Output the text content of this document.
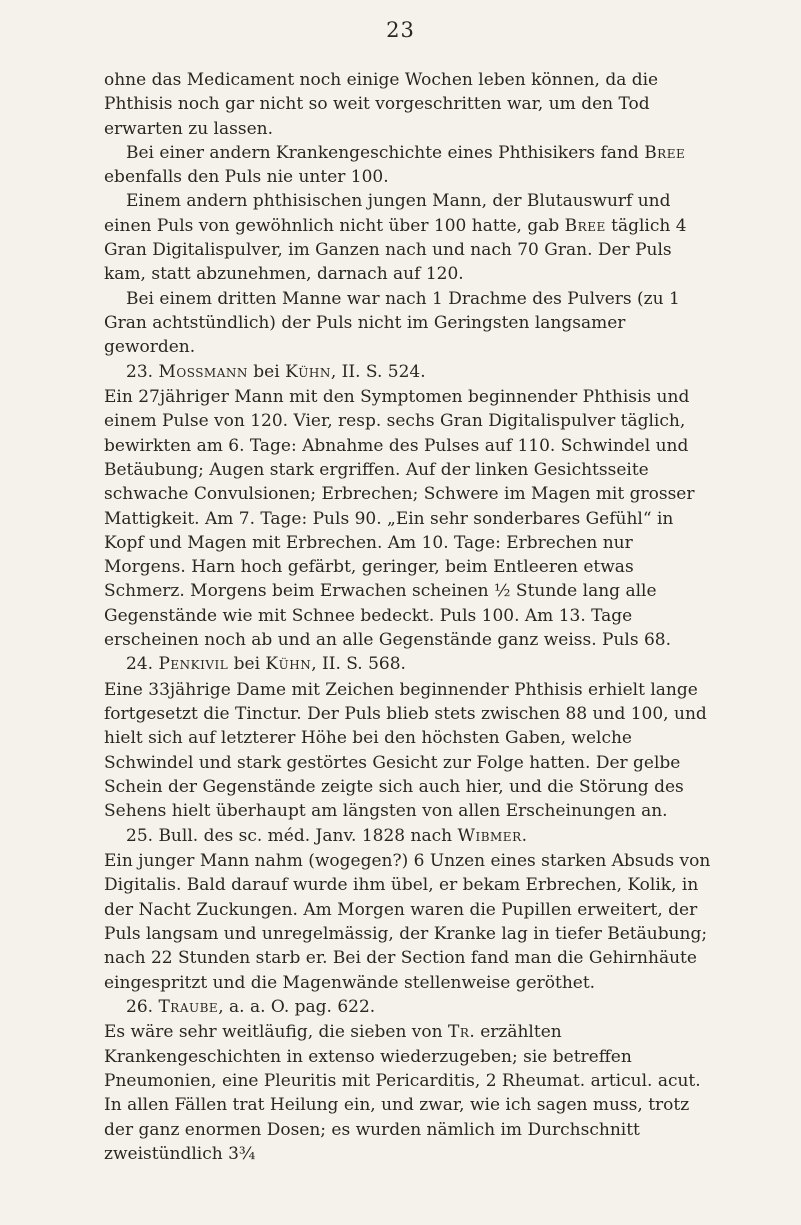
23

ohne das Medicament noch einige Wochen leben können, da die Phthisis noch gar nicht so weit vorgeschritten war, um den Tod erwarten zu lassen.

Bei einer andern Krankengeschichte eines Phthisikers fand Bree ebenfalls den Puls nie unter 100.

Einem andern phthisischen jungen Mann, der Blutauswurf und einen Puls von gewöhnlich nicht über 100 hatte, gab Bree täglich 4 Gran Digitalispulver, im Ganzen nach und nach 70 Gran. Der Puls kam, statt abzunehmen, darnach auf 120.

Bei einem dritten Manne war nach 1 Drachme des Pulvers (zu 1 Gran achtstündlich) der Puls nicht im Geringsten langsamer geworden.

23. Mossmann bei Kühn, II. S. 524.

Ein 27jähriger Mann mit den Symptomen beginnender Phthisis und einem Pulse von 120. Vier, resp. sechs Gran Digitalispulver täglich, bewirkten am 6. Tage: Abnahme des Pulses auf 110. Schwindel und Betäubung; Augen stark ergriffen. Auf der linken Gesichtsseite schwache Convulsionen; Erbrechen; Schwere im Magen mit grosser Mattigkeit. Am 7. Tage: Puls 90. „Ein sehr sonderbares Gefühl“ in Kopf und Magen mit Erbrechen. Am 10. Tage: Erbrechen nur Morgens. Harn hoch gefärbt, geringer, beim Entleeren etwas Schmerz. Morgens beim Erwachen scheinen ½ Stunde lang alle Gegenstände wie mit Schnee bedeckt. Puls 100. Am 13. Tage erscheinen noch ab und an alle Gegenstände ganz weiss. Puls 68.

24. Penkivil bei Kühn, II. S. 568.

Eine 33jährige Dame mit Zeichen beginnender Phthisis erhielt lange fortgesetzt die Tinctur. Der Puls blieb stets zwischen 88 und 100, und hielt sich auf letzterer Höhe bei den höchsten Gaben, welche Schwindel und stark gestörtes Gesicht zur Folge hatten. Der gelbe Schein der Gegenstände zeigte sich auch hier, und die Störung des Sehens hielt überhaupt am längsten von allen Erscheinungen an.

25. Bull. des sc. méd. Janv. 1828 nach Wibmer.

Ein junger Mann nahm (wogegen?) 6 Unzen eines starken Absuds von Digitalis. Bald darauf wurde ihm übel, er bekam Erbrechen, Kolik, in der Nacht Zuckungen. Am Morgen waren die Pupillen erweitert, der Puls langsam und unregelmässig, der Kranke lag in tiefer Betäubung; nach 22 Stunden starb er. Bei der Section fand man die Gehirnhäute eingespritzt und die Magenwände stellenweise geröthet.

26. Traube, a. a. O. pag. 622.

Es wäre sehr weitläufig, die sieben von Tr. erzählten Krankengeschichten in extenso wiederzugeben; sie betreffen Pneumonien, eine Pleuritis mit Pericarditis, 2 Rheumat. articul. acut. In allen Fällen trat Heilung ein, und zwar, wie ich sagen muss, trotz der ganz enormen Dosen; es wurden nämlich im Durchschnitt zweistündlich 3¾
